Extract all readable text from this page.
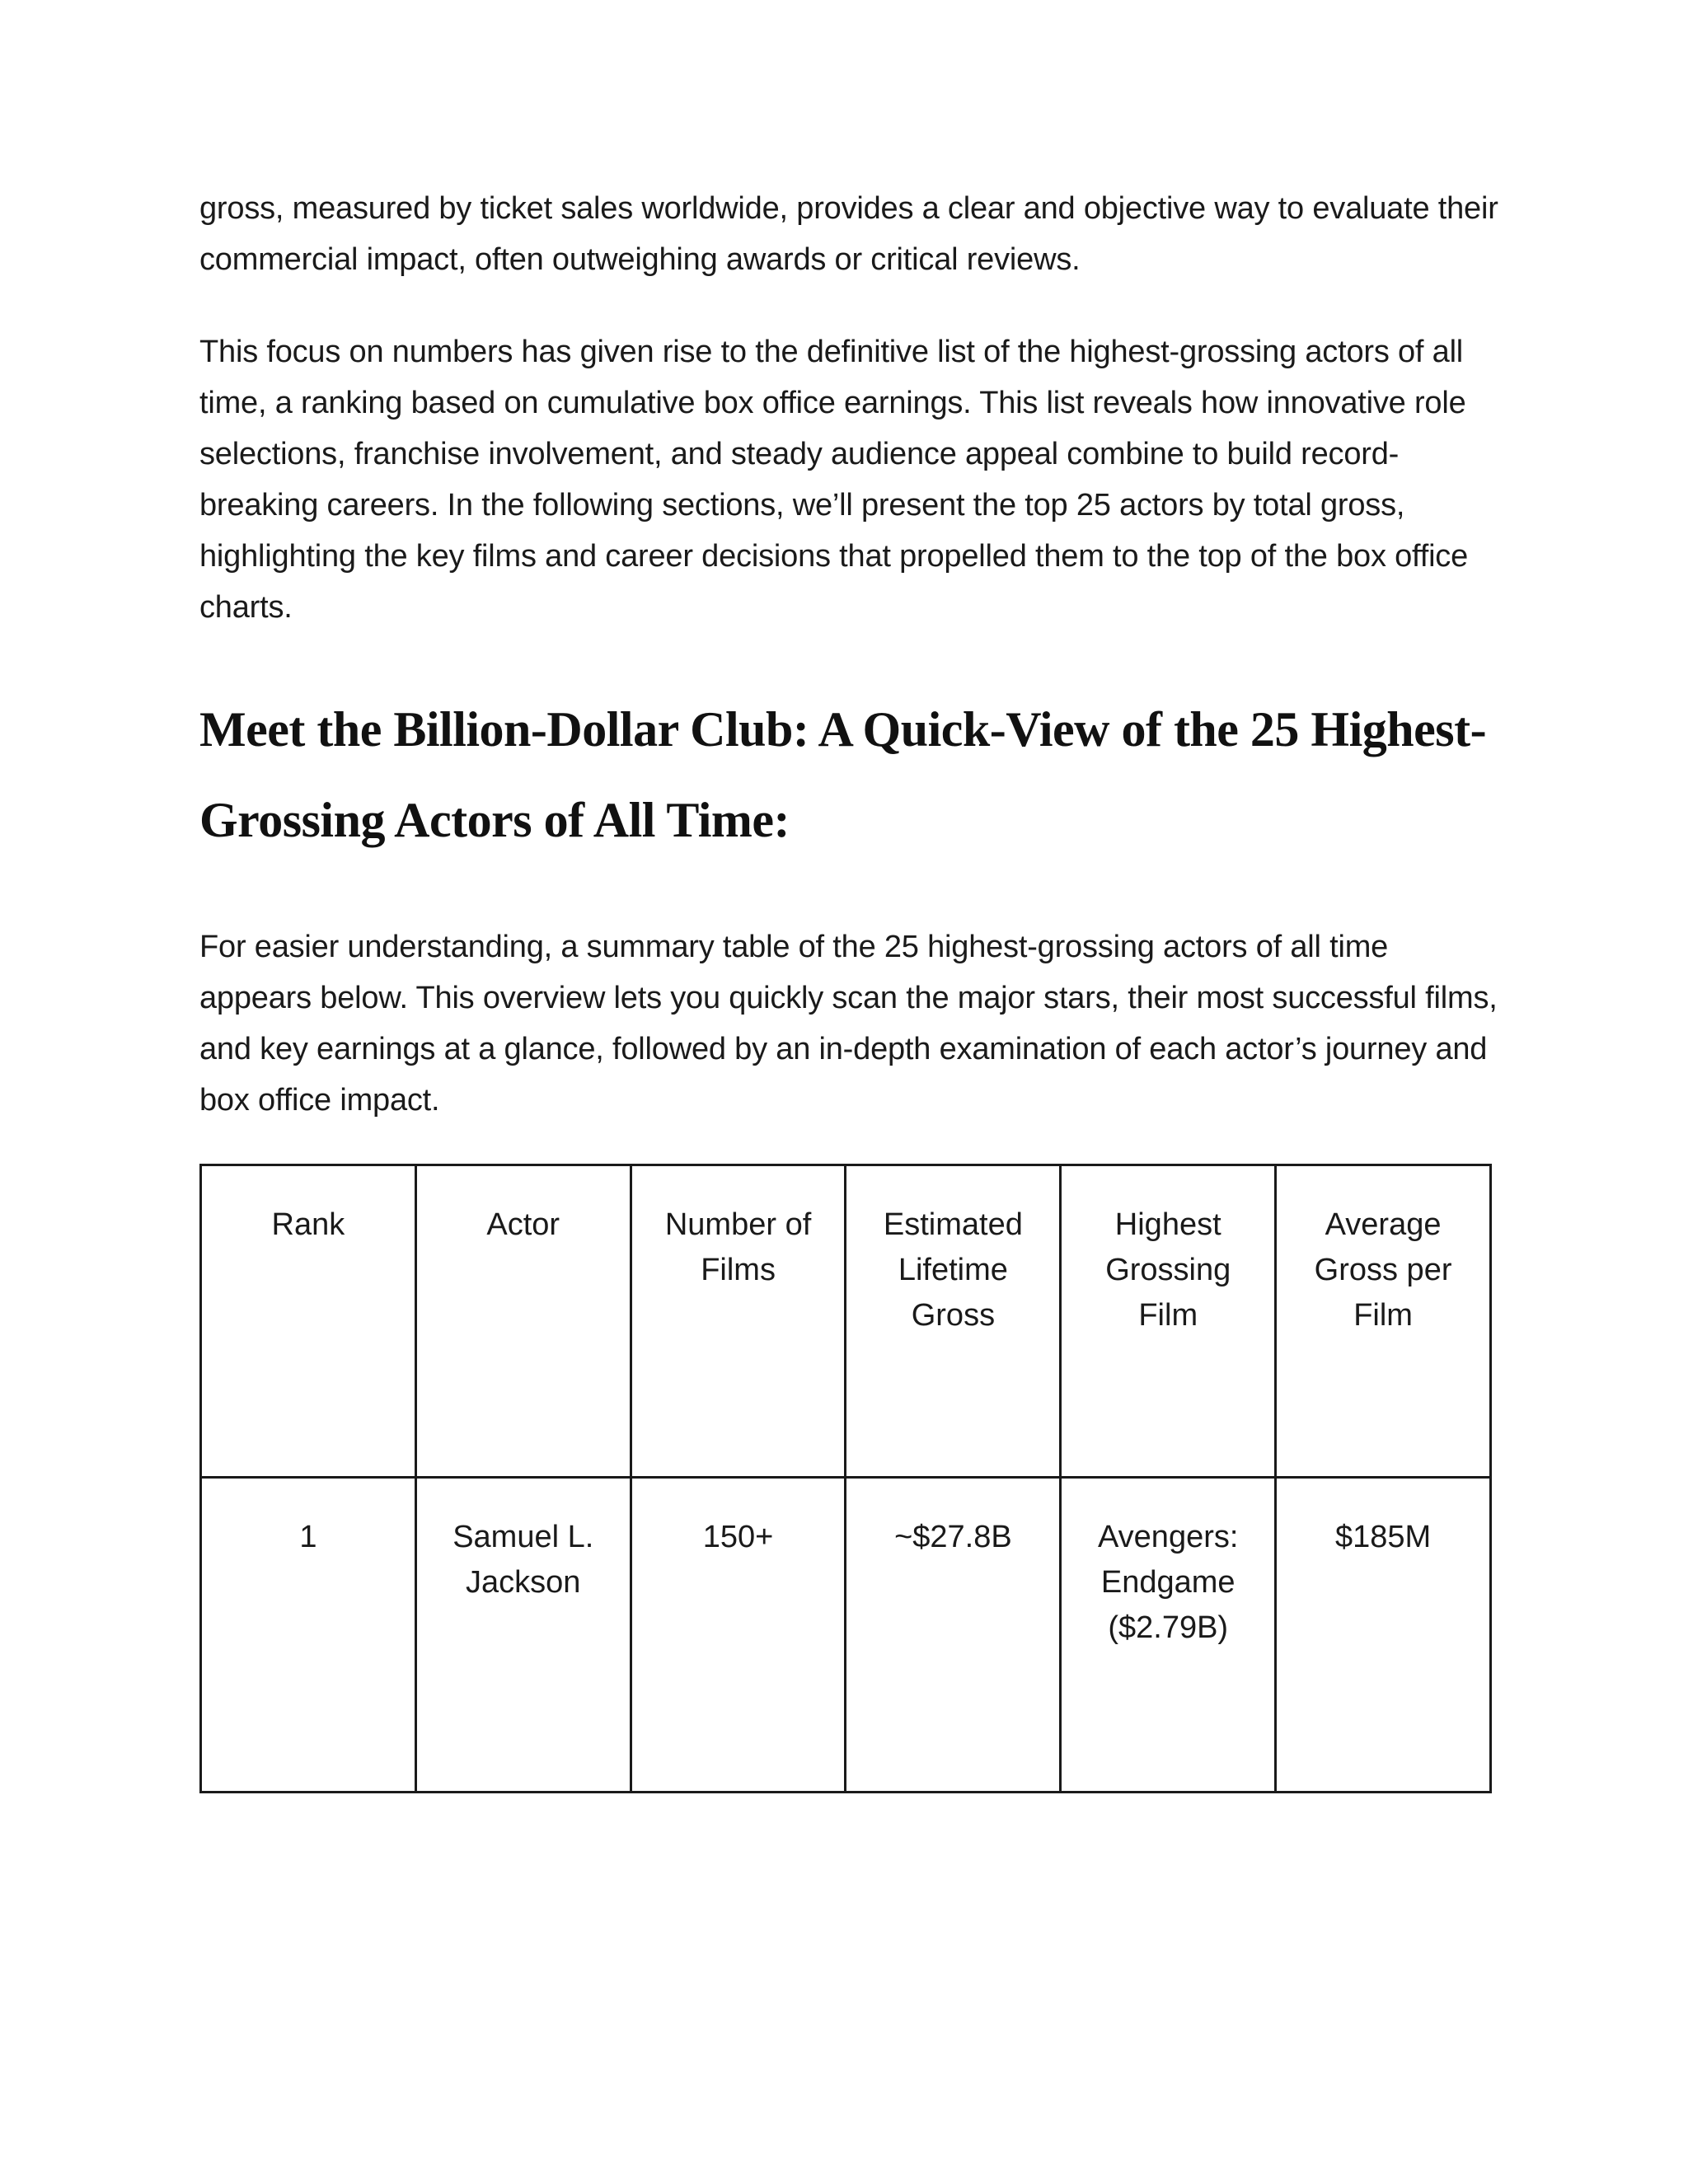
gross, measured by ticket sales worldwide, provides a clear and objective way to evaluate their commercial impact, often outweighing awards or critical reviews.

This focus on numbers has given rise to the definitive list of the highest-grossing actors of all time, a ranking based on cumulative box office earnings. This list reveals how innovative role selections, franchise involvement, and steady audience appeal combine to build record-breaking careers. In the following sections, we’ll present the top 25 actors by total gross, highlighting the key films and career decisions that propelled them to the top of the box office charts.

Meet the Billion-Dollar Club: A Quick-View of the 25 Highest-Grossing Actors of All Time:

For easier understanding, a summary table of the 25 highest-grossing actors of all time appears below. This overview lets you quickly scan the major stars, their most successful films, and key earnings at a glance, followed by an in-depth examination of each actor’s journey and box office impact.

Rank	Actor	Number of Films	Estimated Lifetime Gross	Highest Grossing Film	Average Gross per Film
1	Samuel L. Jackson	150+	~$27.8B	Avengers: Endgame ($2.79B)	$185M
